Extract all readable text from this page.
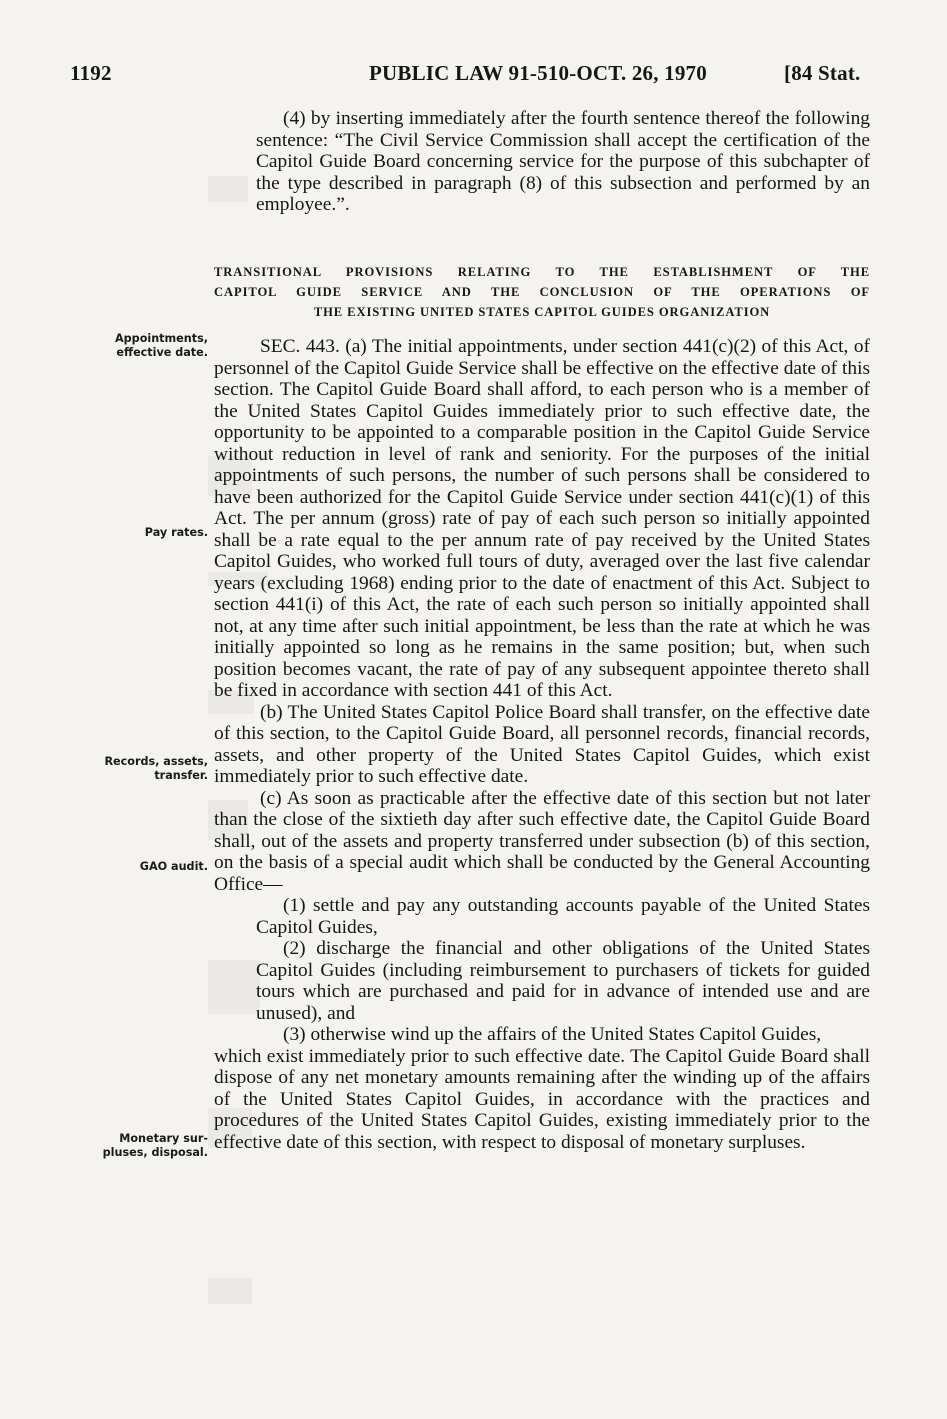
1192	PUBLIC LAW 91-510-OCT. 26, 1970	[84 Stat.

(4) by inserting immediately after the fourth sentence thereof the following sentence: “The Civil Service Commission shall accept the certification of the Capitol Guide Board concerning service for the purpose of this subchapter of the type described in paragraph (8) of this subsection and performed by an employee.”.

TRANSITIONAL PROVISIONS RELATING TO THE ESTABLISHMENT OF THE
CAPITOL GUIDE SERVICE AND THE CONCLUSION OF THE OPERATIONS OF
THE EXISTING UNITED STATES CAPITOL GUIDES ORGANIZATION

SEC. 443. (a) The initial appointments, under section 441(c)(2) of this Act, of personnel of the Capitol Guide Service shall be effective on the effective date of this section. The Capitol Guide Board shall afford, to each person who is a member of the United States Capitol Guides immediately prior to such effective date, the opportunity to be appointed to a comparable position in the Capitol Guide Service without reduction in level of rank and seniority. For the purposes of the initial appointments of such persons, the number of such persons shall be considered to have been authorized for the Capitol Guide Service under section 441(c)(1) of this Act. The per annum (gross) rate of pay of each such person so initially appointed shall be a rate equal to the per annum rate of pay received by the United States Capitol Guides, who worked full tours of duty, averaged over the last five calendar years (excluding 1968) ending prior to the date of enactment of this Act. Subject to section 441(i) of this Act, the rate of each such person so initially appointed shall not, at any time after such initial appointment, be less than the rate at which he was initially appointed so long as he remains in the same position; but, when such position becomes vacant, the rate of pay of any subsequent appointee thereto shall be fixed in accordance with section 441 of this Act.

(b) The United States Capitol Police Board shall transfer, on the effective date of this section, to the Capitol Guide Board, all personnel records, financial records, assets, and other property of the United States Capitol Guides, which exist immediately prior to such effective date.

(c) As soon as practicable after the effective date of this section but not later than the close of the sixtieth day after such effective date, the Capitol Guide Board shall, out of the assets and property transferred under subsection (b) of this section, on the basis of a special audit which shall be conducted by the General Accounting Office—

(1) settle and pay any outstanding accounts payable of the United States Capitol Guides,

(2) discharge the financial and other obligations of the United States Capitol Guides (including reimbursement to purchasers of tickets for guided tours which are purchased and paid for in advance of intended use and are unused), and

(3) otherwise wind up the affairs of the United States Capitol Guides,

which exist immediately prior to such effective date. The Capitol Guide Board shall dispose of any net monetary amounts remaining after the winding up of the affairs of the United States Capitol Guides, in accordance with the practices and procedures of the United States Capitol Guides, existing immediately prior to the effective date of this section, with respect to disposal of monetary surpluses.

Appointments,
effective date.
Pay rates.
Records, assets,
transfer.
GAO audit.
Monetary sur-
pluses, disposal.
